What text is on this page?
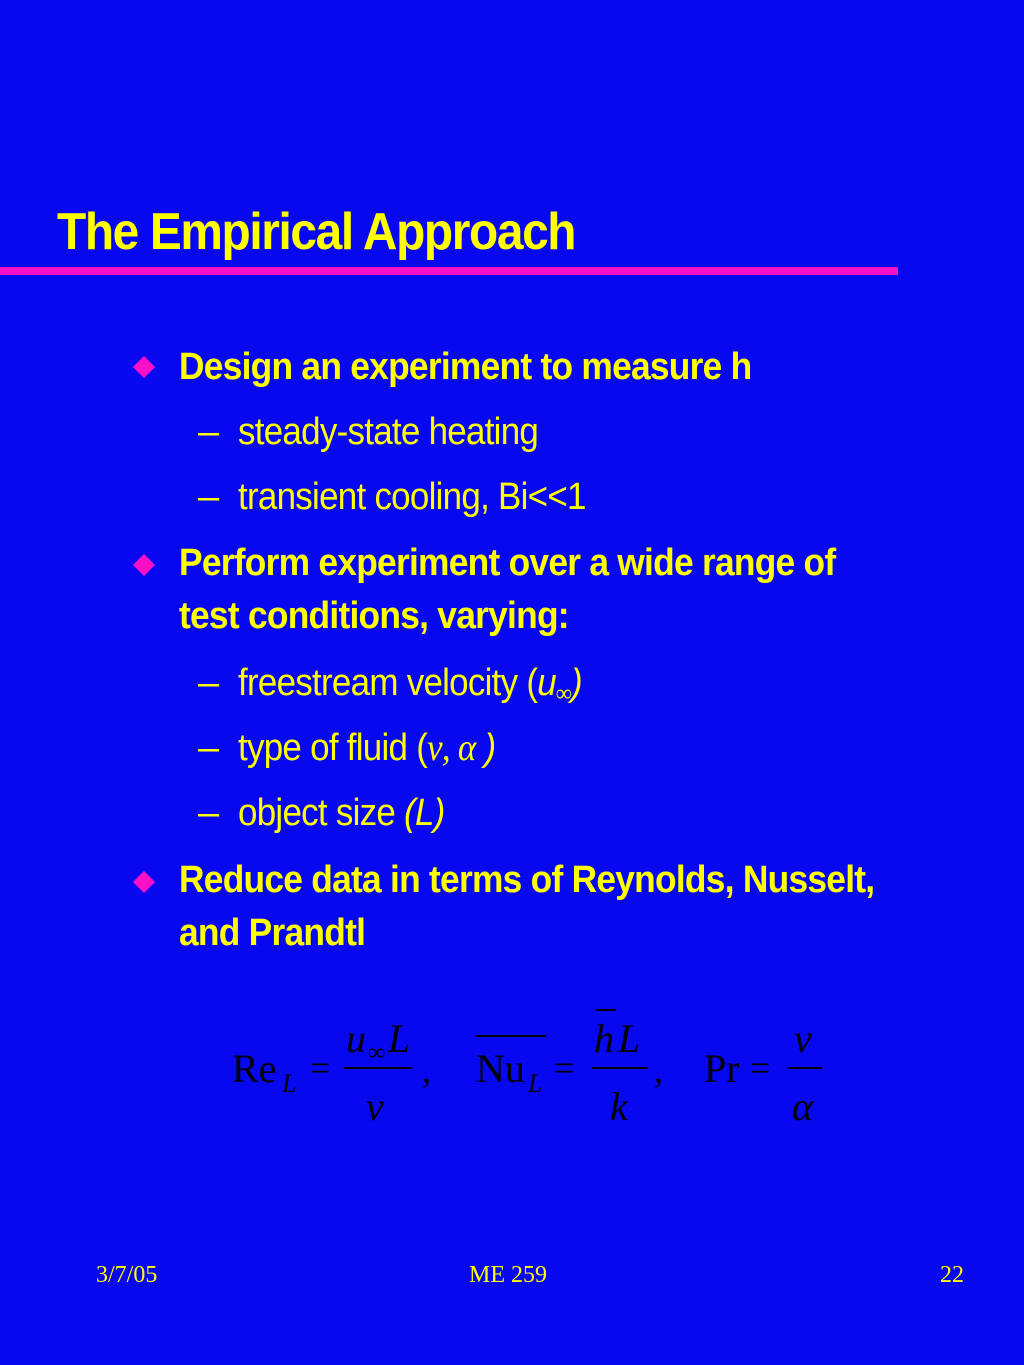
The Empirical Approach
Design an experiment to measure h
– steady-state heating
– transient cooling, Bi<<1
Perform experiment over a wide range of
test conditions, varying:
– freestream velocity $(u_\infty)$
– type of fluid (ν, α )
– object size (L)
Reduce data in terms of Reynolds, Nusselt,
and Prandtl
Re L =
u ∞ L
ν
, Nu L =
h L
k
, Pr =
ν
α
3/7/05	ME 259	22
